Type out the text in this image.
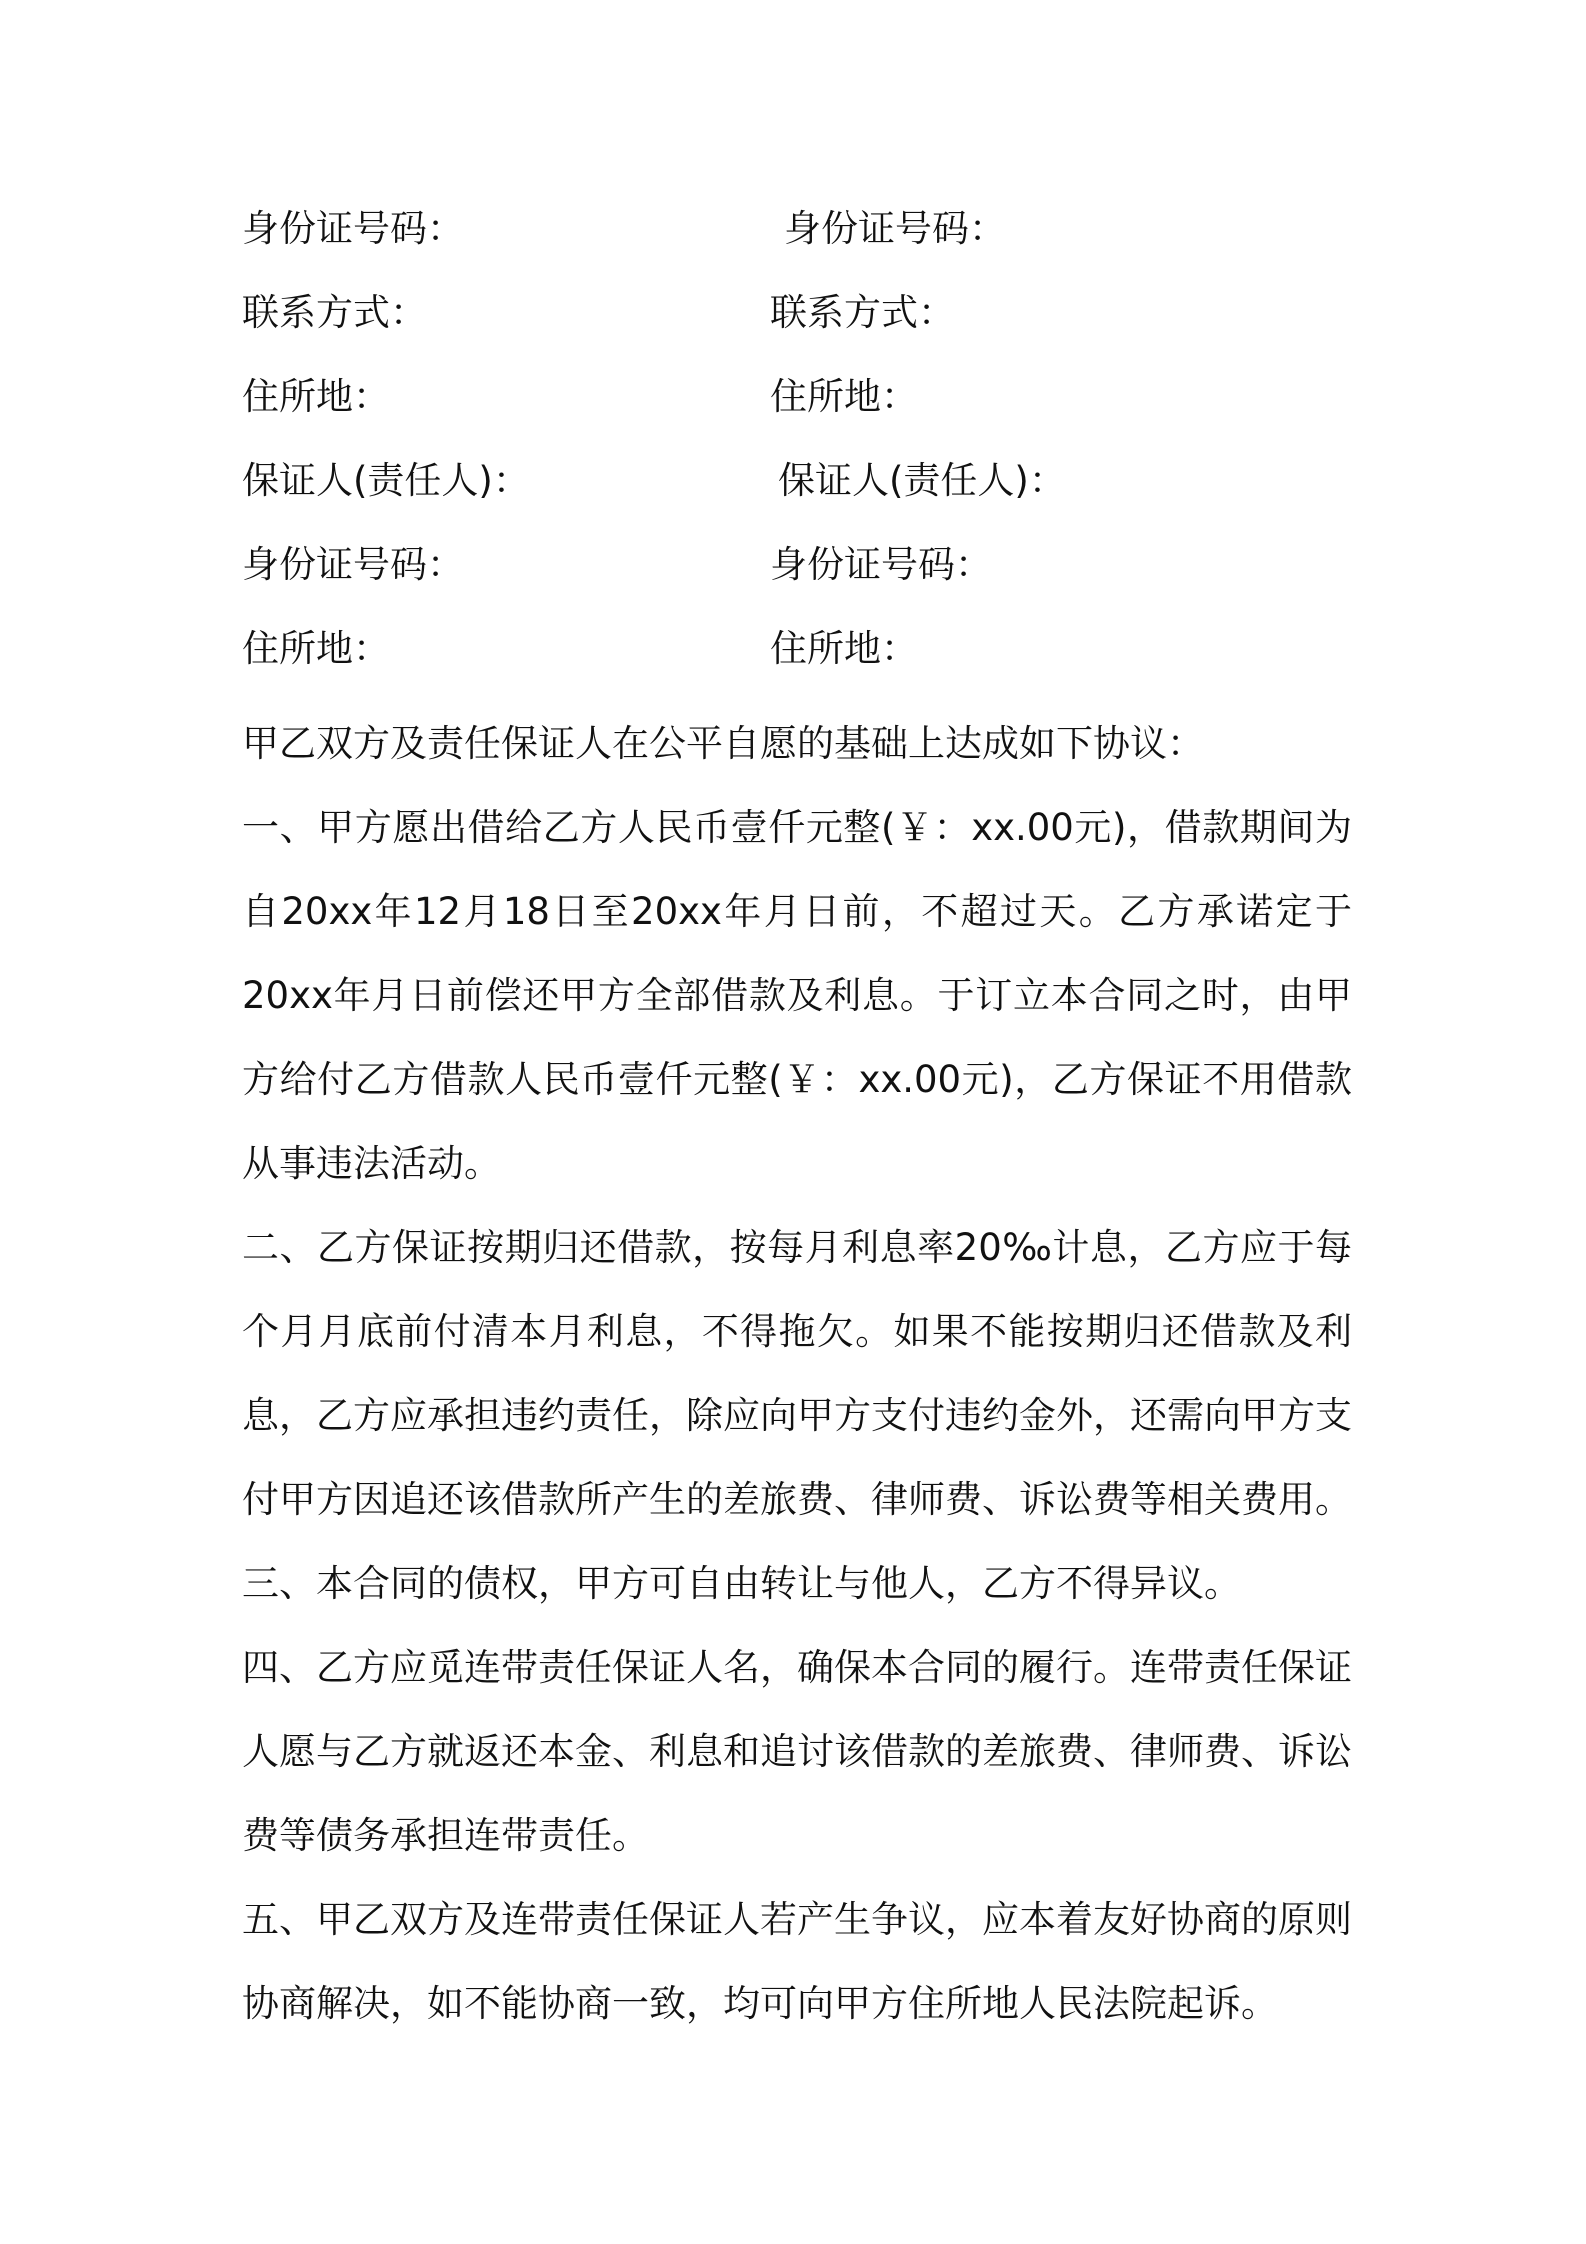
身份证号码：	身份证号码：
联系方式：	联系方式：
住所地：	住所地：
保证人(责任人)：	保证人(责任人)：
身份证号码：	身份证号码：
住所地：	住所地：

甲乙双方及责任保证人在公平自愿的基础上达成如下协议：

一、甲方愿出借给乙方人民币壹仟元整(￥：xx.00元)，借款期间为自20xx年12月18日至20xx年月日前，不超过天。乙方承诺定于20xx年月日前偿还甲方全部借款及利息。于订立本合同之时，由甲方给付乙方借款人民币壹仟元整(￥：xx.00元)，乙方保证不用借款从事违法活动。

二、乙方保证按期归还借款，按每月利息率20‰计息，乙方应于每个月月底前付清本月利息，不得拖欠。如果不能按期归还借款及利息，乙方应承担违约责任，除应向甲方支付违约金外，还需向甲方支付甲方因追还该借款所产生的差旅费、律师费、诉讼费等相关费用。

三、本合同的债权，甲方可自由转让与他人，乙方不得异议。

四、乙方应觅连带责任保证人名，确保本合同的履行。连带责任保证人愿与乙方就返还本金、利息和追讨该借款的差旅费、律师费、诉讼费等债务承担连带责任。

五、甲乙双方及连带责任保证人若产生争议，应本着友好协商的原则协商解决，如不能协商一致，均可向甲方住所地人民法院起诉。
